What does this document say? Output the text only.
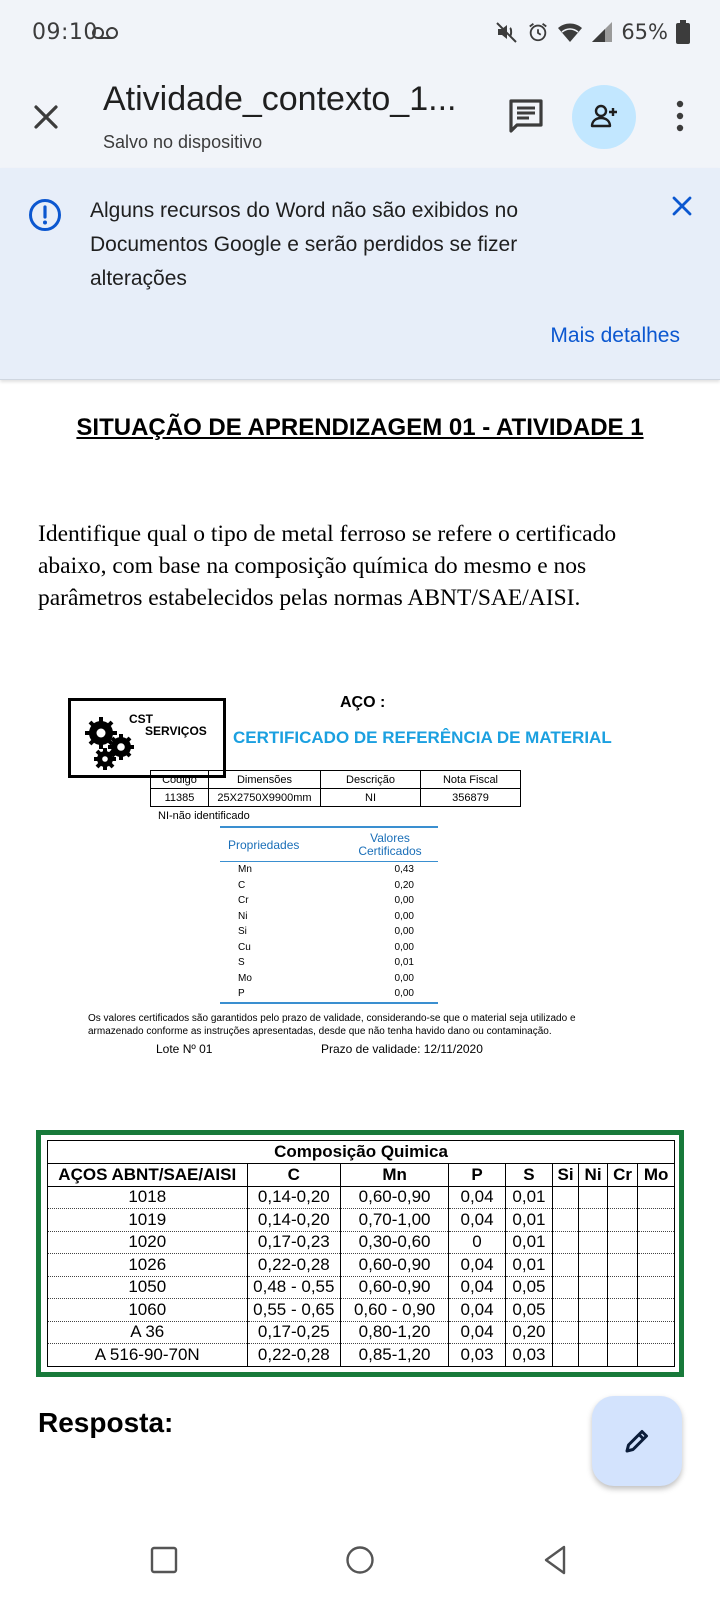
09:10	65%
Atividade_contexto_1...
Salvo no dispositivo
Alguns recursos do Word não são exibidos no Documentos Google e serão perdidos se fizer alterações
Mais detalhes
SITUAÇÃO DE APRENDIZAGEM 01 - ATIVIDADE 1
Identifique qual o tipo de metal ferroso se refere o certificado abaixo, com base na composição química do mesmo e nos parâmetros estabelecidos pelas normas ABNT/SAE/AISI.
CST
SERVIÇOS
AÇO :
CERTIFICADO DE REFERÊNCIA DE MATERIAL
Codigo	Dimensões	Descrição	Nota Fiscal
11385	25X2750X9900mm	NI	356879
NI-não identificado
Propriedades	Valores Certificados
Mn	0,43
C	0,20
Cr	0,00
Ni	0,00
Si	0,00
Cu	0,00
S	0,01
Mo	0,00
P	0,00
Os valores certificados são garantidos pelo prazo de validade, considerando-se que o material seja utilizado e armazenado conforme as instruções apresentadas, desde que não tenha havido dano ou contaminação.
Lote Nº 01	Prazo de validade: 12/11/2020
Composição Quimica								
AÇOS ABNT/SAE/AISI	C	Mn	P	S	Si	Ni	Cr	Mo
1018	0,14-0,20	0,60-0,90	0,04	0,01				
1019	0,14-0,20	0,70-1,00	0,04	0,01				
1020	0,17-0,23	0,30-0,60	0	0,01				
1026	0,22-0,28	0,60-0,90	0,04	0,01				
1050	0,48 - 0,55	0,60-0,90	0,04	0,05				
1060	0,55 - 0,65	0,60 - 0,90	0,04	0,05				
A 36	0,17-0,25	0,80-1,20	0,04	0,20				
A 516-90-70N	0,22-0,28	0,85-1,20	0,03	0,03				
Resposta:
